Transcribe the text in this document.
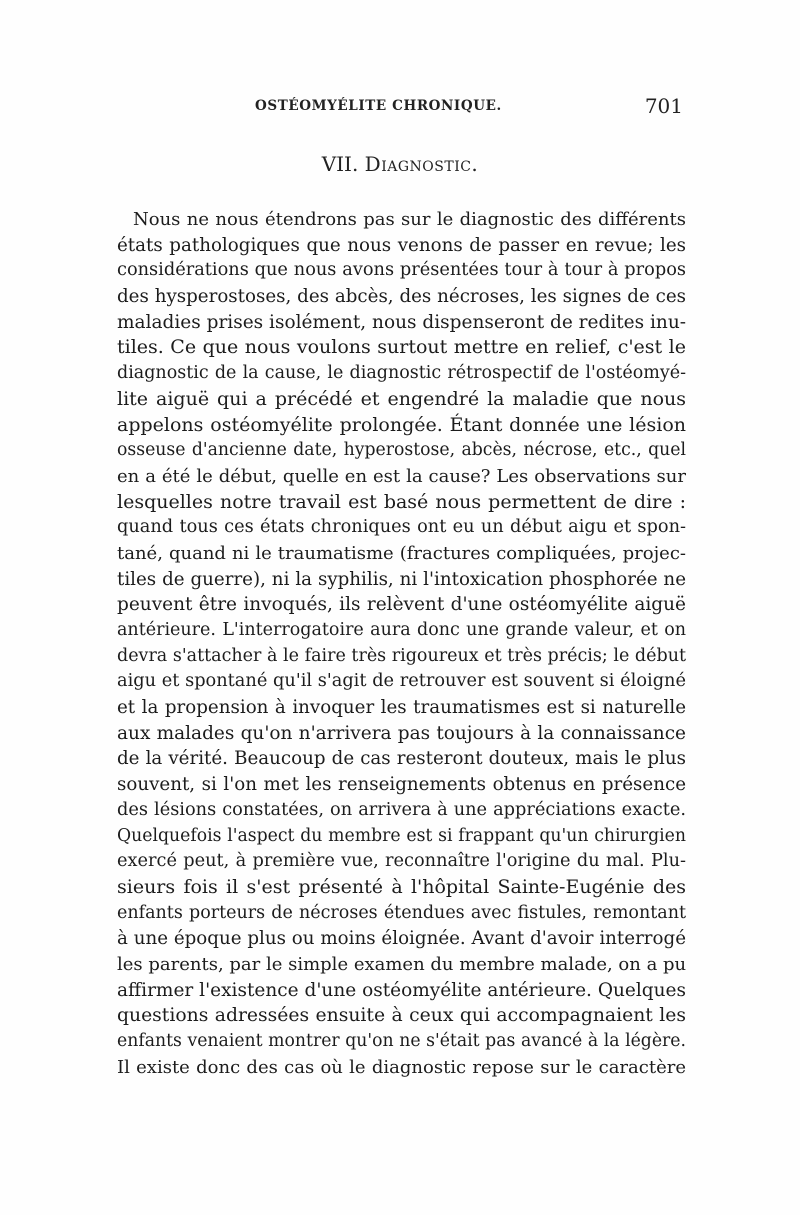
OSTÉOMYÉLITE CHRONIQUE.	701
VII. Diagnostic.
Nous ne nous étendrons pas sur le diagnostic des différents
états pathologiques que nous venons de passer en revue; les
considérations que nous avons présentées tour à tour à propos
des hysperostoses, des abcès, des nécroses, les signes de ces
maladies prises isolément, nous dispenseront de redites inu-
tiles. Ce que nous voulons surtout mettre en relief, c'est le
diagnostic de la cause, le diagnostic rétrospectif de l'ostéomyé-
lite aiguë qui a précédé et engendré la maladie que nous
appelons ostéomyélite prolongée. Étant donnée une lésion
osseuse d'ancienne date, hyperostose, abcès, nécrose, etc., quel
en a été le début, quelle en est la cause? Les observations sur
lesquelles notre travail est basé nous permettent de dire :
quand tous ces états chroniques ont eu un début aigu et spon-
tané, quand ni le traumatisme (fractures compliquées, projec-
tiles de guerre), ni la syphilis, ni l'intoxication phosphorée ne
peuvent être invoqués, ils relèvent d'une ostéomyélite aiguë
antérieure. L'interrogatoire aura donc une grande valeur, et on
devra s'attacher à le faire très rigoureux et très précis; le début
aigu et spontané qu'il s'agit de retrouver est souvent si éloigné
et la propension à invoquer les traumatismes est si naturelle
aux malades qu'on n'arrivera pas toujours à la connaissance
de la vérité. Beaucoup de cas resteront douteux, mais le plus
souvent, si l'on met les renseignements obtenus en présence
des lésions constatées, on arrivera à une appréciations exacte.
Quelquefois l'aspect du membre est si frappant qu'un chirurgien
exercé peut, à première vue, reconnaître l'origine du mal. Plu-
sieurs fois il s'est présenté à l'hôpital Sainte-Eugénie des
enfants porteurs de nécroses étendues avec fistules, remontant
à une époque plus ou moins éloignée. Avant d'avoir interrogé
les parents, par le simple examen du membre malade, on a pu
affirmer l'existence d'une ostéomyélite antérieure. Quelques
questions adressées ensuite à ceux qui accompagnaient les
enfants venaient montrer qu'on ne s'était pas avancé à la légère.
Il existe donc des cas où le diagnostic repose sur le caractère
